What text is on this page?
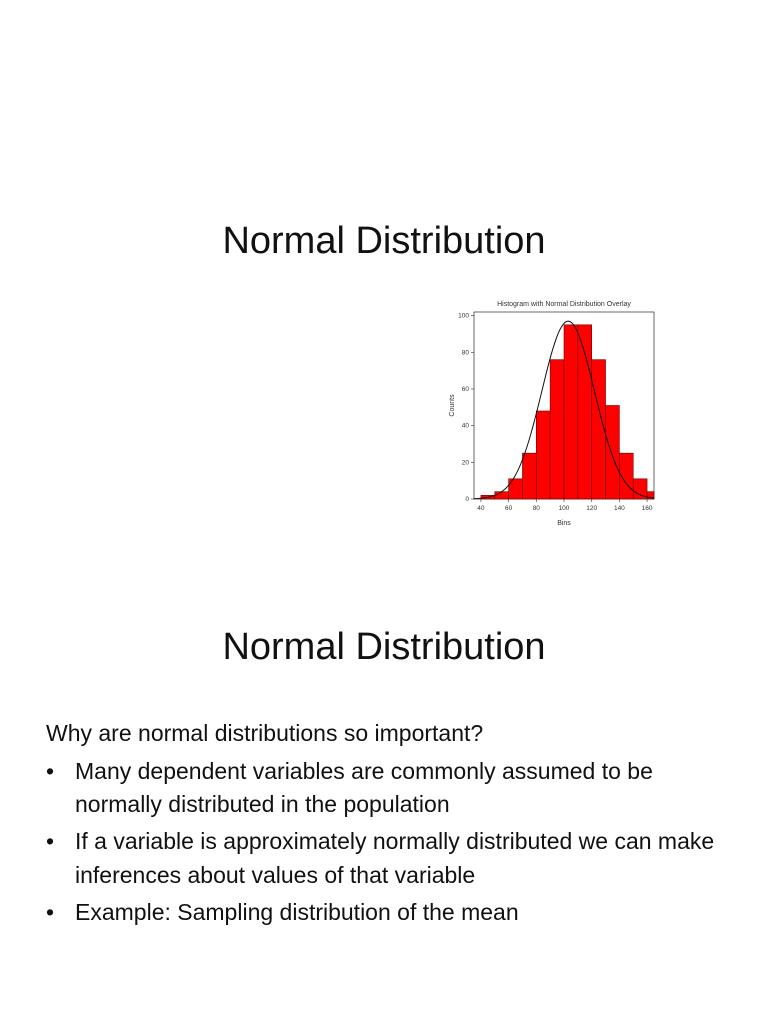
Normal Distribution
Histogram with Normal Distribution Overlay
40	60	80	100	120	140	160
0
20
40
60
80
100
Bins
Counts
Normal Distribution

Why are normal distributions so important?

• Many dependent variables are commonly assumed to be normally distributed in the population
• If a variable is approximately normally distributed we can make inferences about values of that variable
• Example: Sampling distribution of the mean
